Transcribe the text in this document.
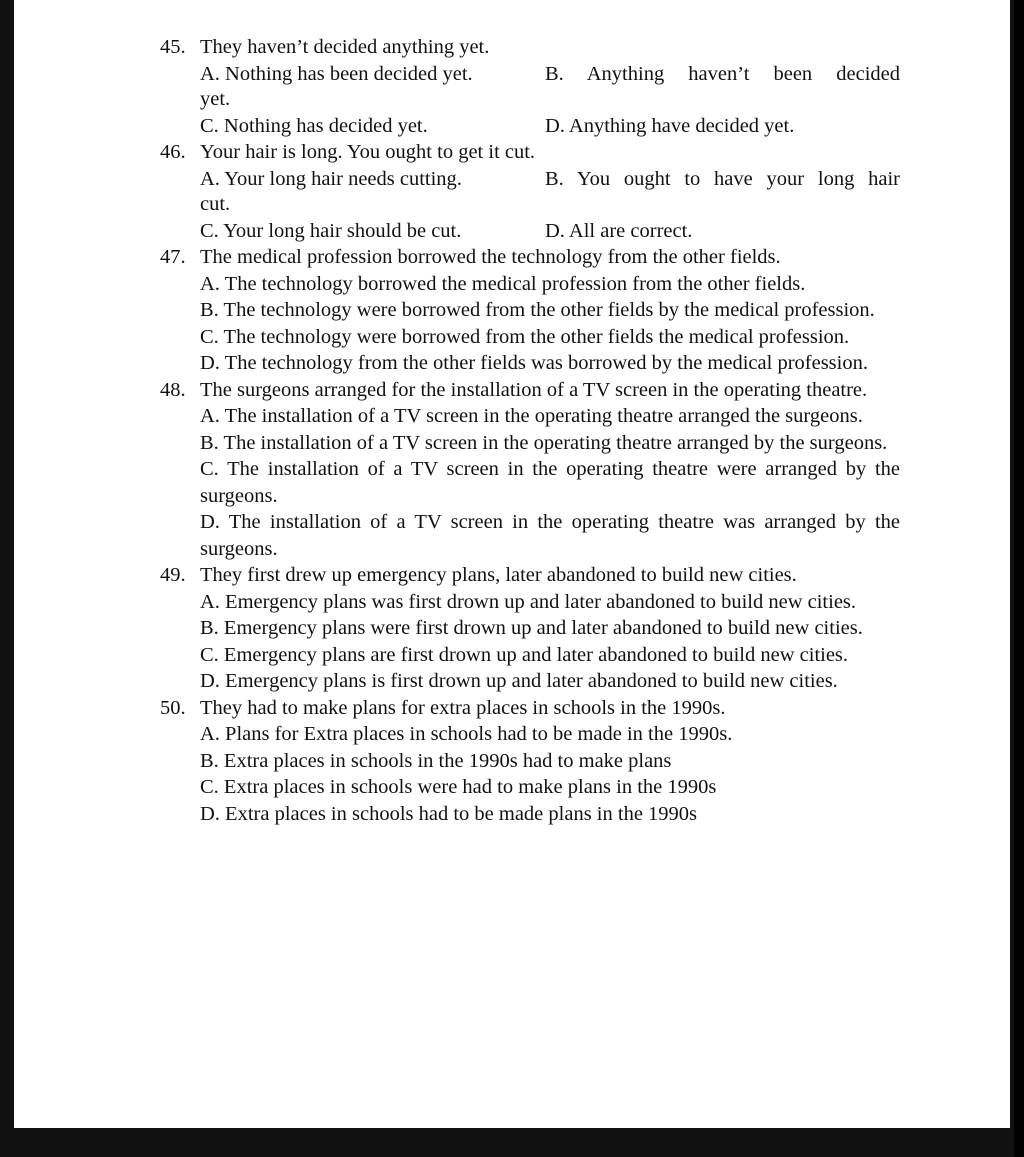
45. They haven’t decided anything yet.
A. Nothing has been decided yet.	B. Anything haven’t been decided
yet.
C. Nothing has decided yet.	D. Anything have decided yet.
46. Your hair is long. You ought to get it cut.
A. Your long hair needs cutting.	B. You ought to have your long hair
cut.
C. Your long hair should be cut.	D. All are correct.
47. The medical profession borrowed the technology from the other fields.
A. The technology borrowed the medical profession from the other fields.
B. The technology were borrowed from the other fields by the medical profession.
C. The technology were borrowed from the other fields the medical profession.
D. The technology from the other fields was borrowed by the medical profession.
48. The surgeons arranged for the installation of a TV screen in the operating theatre.
A. The installation of a TV screen in the operating theatre arranged the surgeons.
B. The installation of a TV screen in the operating theatre arranged by the surgeons.
C. The installation of a TV screen in the operating theatre were arranged by the surgeons.
D. The installation of a TV screen in the operating theatre was arranged by the surgeons.
49. They first drew up emergency plans, later abandoned to build new cities.
A. Emergency plans was first drown up and later abandoned to build new cities.
B. Emergency plans were first drown up and later abandoned to build new cities.
C. Emergency plans are first drown up and later abandoned to build new cities.
D. Emergency plans is first drown up and later abandoned to build new cities.
50. They had to make plans for extra places in schools in the 1990s.
A. Plans for Extra places in schools had to be made in the 1990s.
B. Extra places in schools in the 1990s had to make plans
C. Extra places in schools were had to make plans in the 1990s
D. Extra places in schools had to be made plans in the 1990s
